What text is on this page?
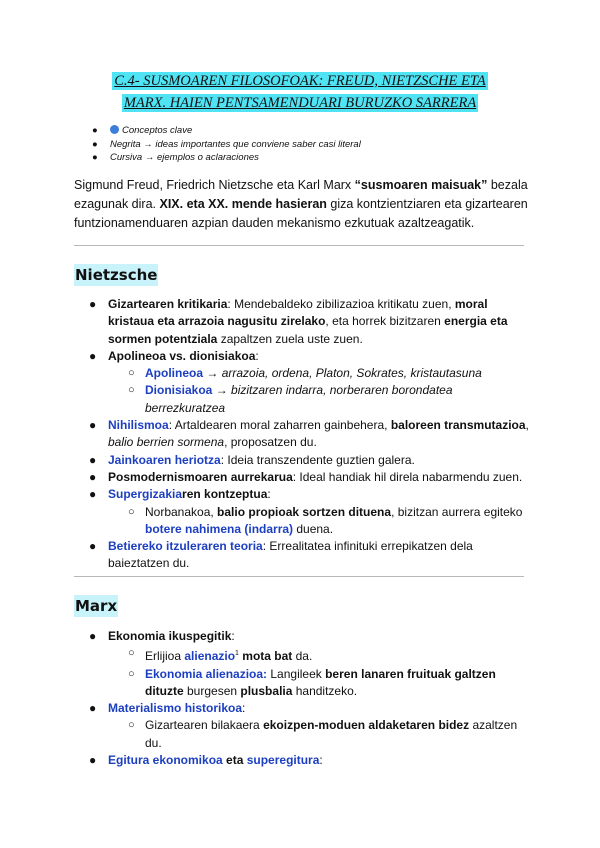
C.4- SUSMOAREN FILOSOFOAK: FREUD, NIETZSCHE ETA
MARX. HAIEN PENTSAMENDUARI BURUZKO SARRERA
●	Conceptos clave
● Negrita → ideas importantes que conviene saber casi literal
● Cursiva → ejemplos o aclaraciones
Sigmund Freud, Friedrich Nietzsche eta Karl Marx “susmoaren maisuak” bezala ezagunak dira. XIX. eta XX. mende hasieran giza kontzientziaren eta gizartearen funtzionamenduaren azpian dauden mekanismo ezkutuak azaltzeagatik.
Nietzsche
● Gizartearen kritikaria: Mendebaldeko zibilizazioa kritikatu zuen, moral kristaua eta arrazoia nagusitu zirelako, eta horrek bizitzaren energia eta sormen potentziala zapaltzen zuela uste zuen.
● Apolineoa vs. dionisiakoa:
○ Apolineoa → arrazoia, ordena, Platon, Sokrates, kristautasuna
○ Dionisiakoa → bizitzaren indarra, norberaren borondatea berrezkuratzea
● Nihilismoa: Artaldearen moral zaharren gainbehera, baloreen transmutazioa, balio berrien sormena, proposatzen du.
● Jainkoaren heriotza: Ideia transzendente guztien galera.
● Posmodernismoaren aurrekarua: Ideal handiak hil direla nabarmendu zuen.
● Supergizakiaren kontzeptua:
○ Norbanakoa, balio propioak sortzen dituena, bizitzan aurrera egiteko botere nahimena (indarra) duena.
● Betiereko itzuleraren teoria: Errealitatea infinituki errepikatzen dela baieztatzen du.
Marx
● Ekonomia ikuspegitik:
○ Erlijioa alienazio$^1$ mota bat da.
○ Ekonomia alienazioa: Langileek beren lanaren fruituak galtzen dituzte burgesen plusbalia handitzeko.
● Materialismo historikoa:
○ Gizartearen bilakaera ekoizpen-moduen aldaketaren bidez azaltzen du.
● Egitura ekonomikoa eta superegitura:
